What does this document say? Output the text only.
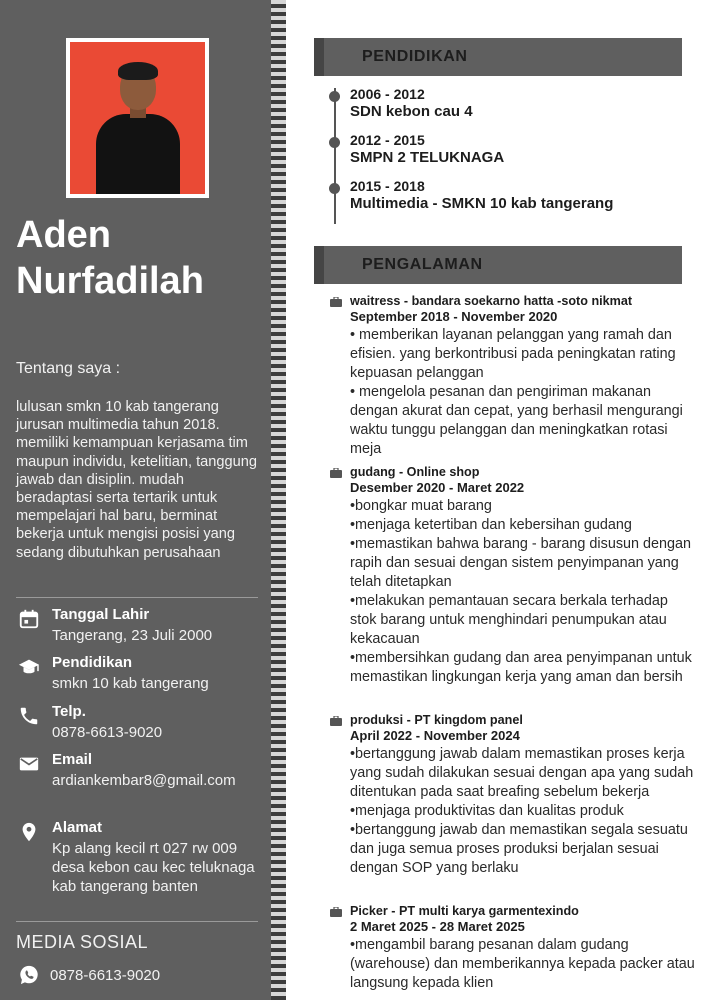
Aden Nurfadilah
Tentang saya :
lulusan smkn 10 kab tangerang jurusan multimedia tahun 2018. memiliki kemampuan kerjasama tim maupun individu, ketelitian, tanggung jawab dan disiplin. mudah beradaptasi serta tertarik untuk mempelajari hal baru, berminat bekerja untuk mengisi posisi yang sedang dibutuhkan perusahaan
Tanggal Lahir
Tangerang, 23 Juli 2000
Pendidikan
smkn 10 kab tangerang
Telp.
0878-6613-9020
Email
ardiankembar8@gmail.com
Alamat
Kp alang kecil rt 027 rw 009 desa kebon cau kec teluknaga kab tangerang banten
MEDIA SOSIAL
0878-6613-9020
PENDIDIKAN
2006 - 2012
SDN kebon cau 4
2012 - 2015
SMPN 2 TELUKNAGA
2015 - 2018
Multimedia - SMKN 10 kab tangerang
PENGALAMAN
waitress - bandara soekarno hatta -soto nikmat
September 2018 - November 2020
• memberikan layanan pelanggan yang ramah dan efisien. yang berkontribusi pada peningkatan rating kepuasan pelanggan
• mengelola pesanan dan pengiriman makanan dengan akurat dan cepat, yang berhasil mengurangi waktu tunggu pelanggan dan meningkatkan rotasi meja
gudang - Online shop
Desember 2020 - Maret 2022
•bongkar muat barang
•menjaga ketertiban dan kebersihan gudang
•memastikan bahwa barang - barang disusun dengan rapih dan sesuai dengan sistem penyimpanan yang telah ditetapkan
•melakukan pemantauan secara berkala terhadap stok barang untuk menghindari penumpukan atau kekacauan
•membersihkan gudang dan area penyimpanan untuk memastikan lingkungan kerja yang aman dan bersih
produksi - PT kingdom panel
April 2022 - November 2024
•bertanggung jawab dalam memastikan proses kerja yang sudah dilakukan sesuai dengan apa yang sudah ditentukan pada saat breafing sebelum bekerja
•menjaga produktivitas dan kualitas produk
•bertanggung jawab dan memastikan segala sesuatu dan juga semua proses produksi berjalan sesuai dengan SOP yang berlaku
Picker - PT multi karya garmentexindo
2 Maret 2025 - 28 Maret 2025
•mengambil barang pesanan dalam gudang (warehouse) dan memberikannya kepada packer atau langsung kepada klien
